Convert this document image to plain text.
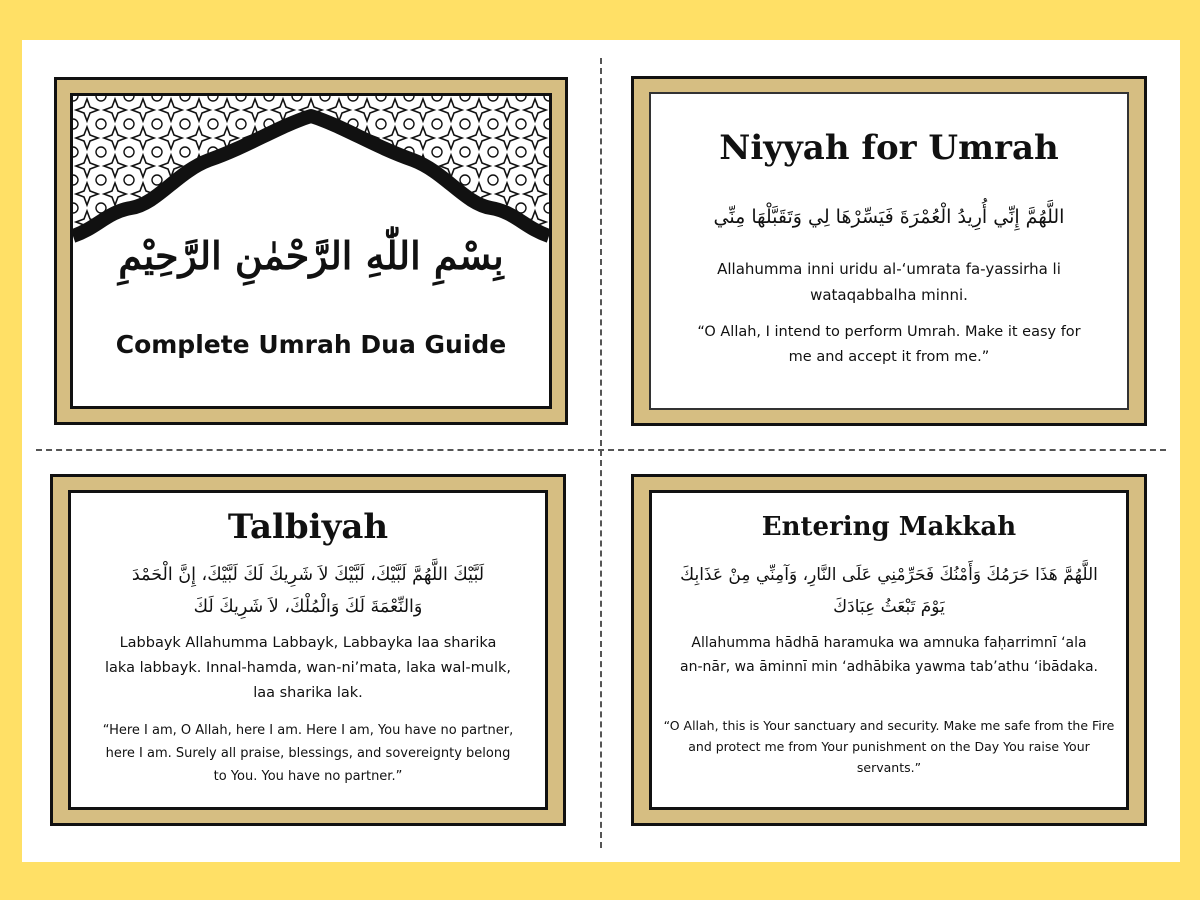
بِسْمِ اللّٰهِ الرَّحْمٰنِ الرَّحِيْمِ
Complete Umrah Dua Guide
Niyyah for Umrah
اللَّهُمَّ إِنِّي أُرِيدُ الْعُمْرَةَ فَيَسِّرْهَا لِي وَتَقَبَّلْهَا مِنِّي
Allahumma inni uridu al-‘umrata fa-yassirha li wataqabbalha minni.
“O Allah, I intend to perform Umrah. Make it easy for me and accept it from me.”
Talbiyah
لَبَّيْكَ اللَّهُمَّ لَبَّيْكَ، لَبَّيْكَ لاَ شَرِيكَ لَكَ لَبَّيْكَ، إِنَّ الْحَمْدَ وَالنِّعْمَةَ لَكَ وَالْمُلْكَ، لاَ شَرِيكَ لَكَ
Labbayk Allahumma Labbayk, Labbayka laa sharika laka labbayk. Innal-hamda, wan-ni’mata, laka wal-mulk, laa sharika lak.
“Here I am, O Allah, here I am. Here I am, You have no partner, here I am. Surely all praise, blessings, and sovereignty belong to You. You have no partner.”
Entering Makkah
اللَّهُمَّ هَذَا حَرَمُكَ وَأَمْنُكَ فَحَرِّمْنِي عَلَى النَّارِ، وَآمِنِّي مِنْ عَذَابِكَ يَوْمَ تَبْعَثُ عِبَادَكَ
Allahumma hādhā haramuka wa amnuka faḥarrimnī ‘ala an-nār, wa āminnī min ‘adhābika yawma tab’athu ‘ibādaka.
“O Allah, this is Your sanctuary and security. Make me safe from the Fire and protect me from Your punishment on the Day You raise Your servants.”
